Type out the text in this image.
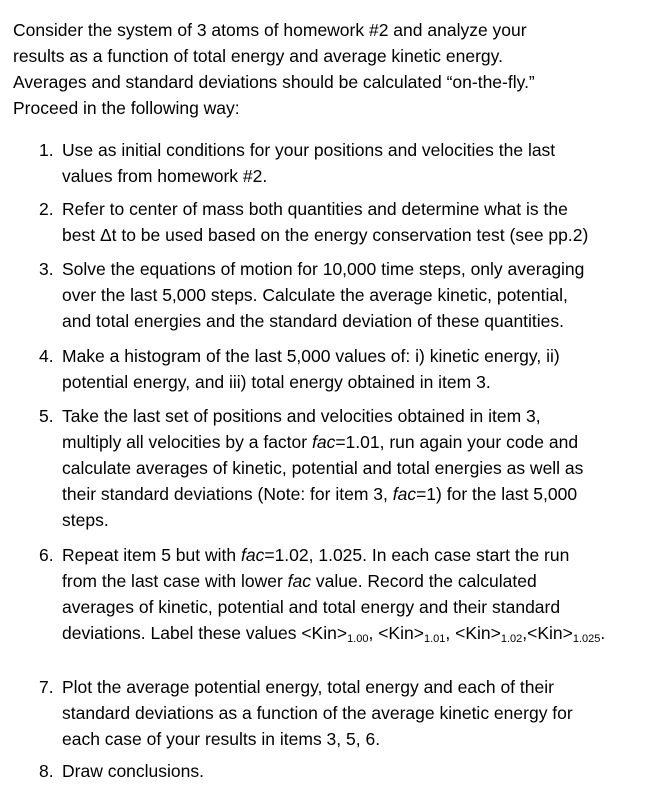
Consider the system of 3 atoms of homework #2 and analyze your
results as a function of total energy and average kinetic energy.
Averages and standard deviations should be calculated “on-the-fly.”
Proceed in the following way:
1. Use as initial conditions for your positions and velocities the last
values from homework #2.
2. Refer to center of mass both quantities and determine what is the
best Δt to be used based on the energy conservation test (see pp.2)
3. Solve the equations of motion for 10,000 time steps, only averaging
over the last 5,000 steps. Calculate the average kinetic, potential,
and total energies and the standard deviation of these quantities.
4. Make a histogram of the last 5,000 values of: i) kinetic energy, ii)
potential energy, and iii) total energy obtained in item 3.
5. Take the last set of positions and velocities obtained in item 3,
multiply all velocities by a factor fac=1.01, run again your code and
calculate averages of kinetic, potential and total energies as well as
their standard deviations (Note: for item 3, fac=1) for the last 5,000
steps.
6. Repeat item 5 but with fac=1.02, 1.025. In each case start the run
from the last case with lower fac value. Record the calculated
averages of kinetic, potential and total energy and their standard
deviations. Label these values $<Kin>_{1.00}$, $<Kin>_{1.01}$, $<Kin>_{1.02},<Kin>_{1.025}$.
7. Plot the average potential energy, total energy and each of their
standard deviations as a function of the average kinetic energy for
each case of your results in items 3, 5, 6.
8. Draw conclusions.
